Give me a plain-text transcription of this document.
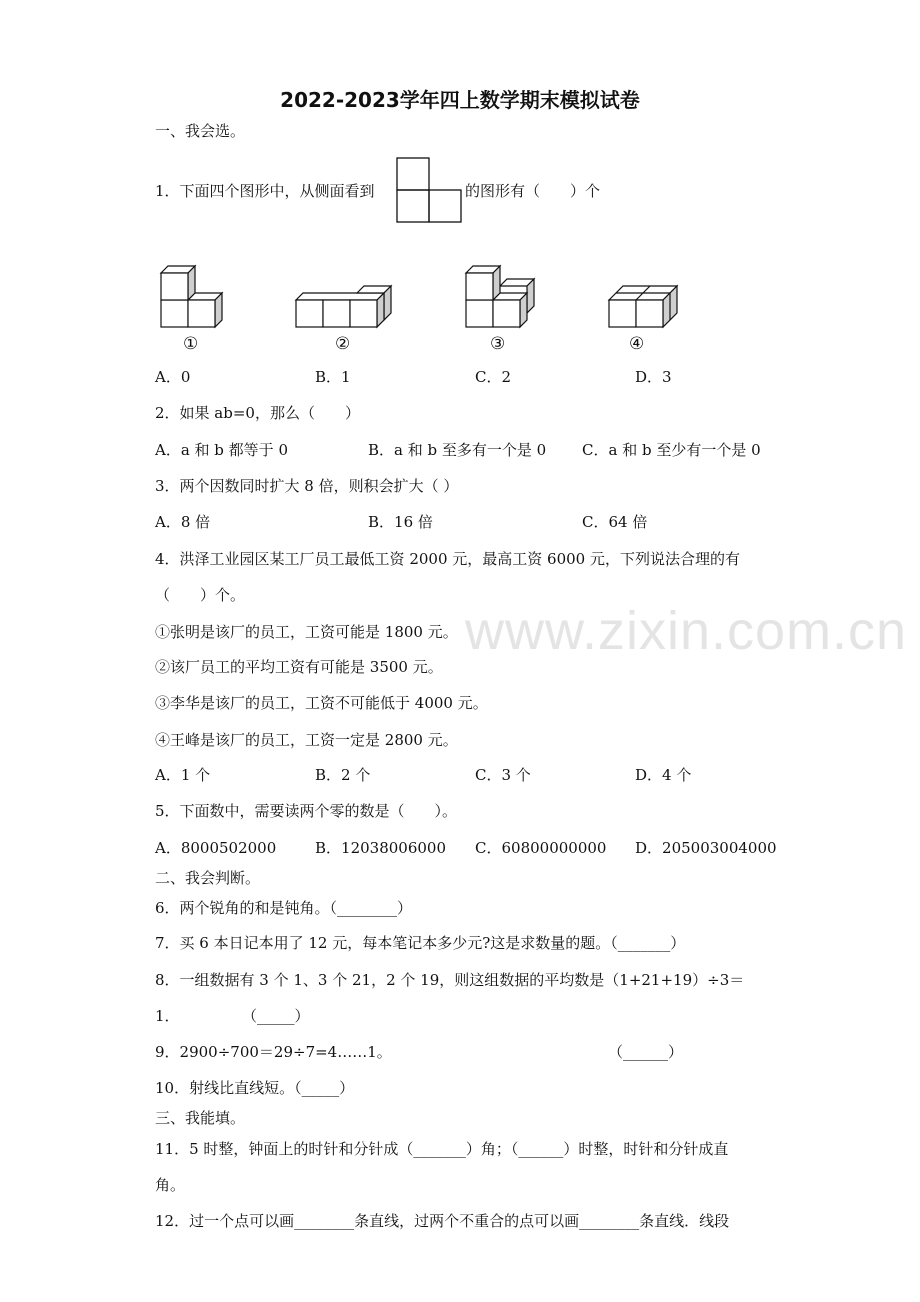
www.zixin.com.cn
2022-2023学年四上数学期末模拟试卷
一、我会选。
1．下面四个图形中，从侧面看到	的图形有（　　）个
①	②	③	④
A．0	B．1	C．2	D．3
2．如果 ab=0，那么（　　）
A．a 和 b 都等于 0	B．a 和 b 至多有一个是 0 C．a 和 b 至少有一个是 0
3．两个因数同时扩大 8 倍，则积会扩大（ ）
A．8 倍	B．16 倍	C．64 倍
4．洪泽工业园区某工厂员工最低工资 2000 元，最高工资 6000 元，下列说法合理的有
（　　）个。
①张明是该厂的员工，工资可能是 1800 元。
②该厂员工的平均工资有可能是 3500 元。
③李华是该厂的员工，工资不可能低于 4000 元。
④王峰是该厂的员工，工资一定是 2800 元。
A．1 个	B．2 个	C．3 个	D．4 个
5．下面数中，需要读两个零的数是（　　）。
A．8000502000	B．12038006000 C．60800000000 D．205003004000
二、我会判断。
6．两个锐角的和是钝角。（________）
7．买 6 本日记本用了 12 元，每本笔记本多少元?这是求数量的题。（_______）
8．一组数据有 3 个 1、3 个 21，2 个 19，则这组数据的平均数是（1+21+19）÷3＝
1．	（_____）
9．2900÷700＝29÷7=4……1。	（______）
10．射线比直线短。（_____）
三、我能填。
11．5 时整，钟面上的时针和分针成（_______）角；（______）时整，时针和分针成直
角。
12．过一个点可以画________条直线，过两个不重合的点可以画________条直线．线段
